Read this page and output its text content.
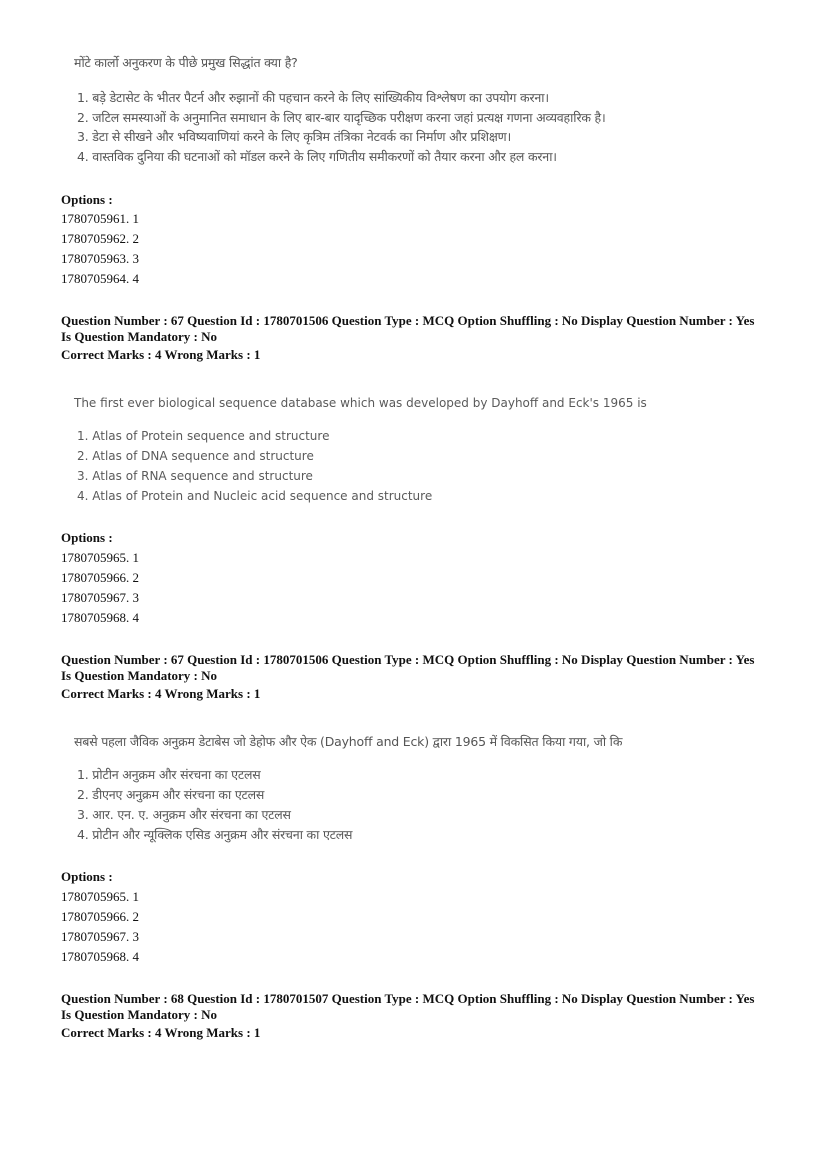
मोंटे कार्लो अनुकरण के पीछे प्रमुख सिद्धांत क्या है?
1. बड़े डेटासेट के भीतर पैटर्न और रुझानों की पहचान करने के लिए सांख्यिकीय विश्लेषण का उपयोग करना।
2. जटिल समस्याओं के अनुमानित समाधान के लिए बार-बार यादृच्छिक परीक्षण करना जहां प्रत्यक्ष गणना अव्यवहारिक है।
3. डेटा से सीखने और भविष्यवाणियां करने के लिए कृत्रिम तंत्रिका नेटवर्क का निर्माण और प्रशिक्षण।
4. वास्तविक दुनिया की घटनाओं को मॉडल करने के लिए गणितीय समीकरणों को तैयार करना और हल करना।
Options :
1780705961. 1
1780705962. 2
1780705963. 3
1780705964. 4
Question Number : 67 Question Id : 1780701506 Question Type : MCQ Option Shuffling : No Display Question Number : Yes
Is Question Mandatory : No
Correct Marks : 4 Wrong Marks : 1
The first ever biological sequence database which was developed by Dayhoff and Eck's 1965 is
1. Atlas of Protein sequence and structure
2. Atlas of DNA sequence and structure
3. Atlas of RNA sequence and structure
4. Atlas of Protein and Nucleic acid sequence and structure
Options :
1780705965. 1
1780705966. 2
1780705967. 3
1780705968. 4
Question Number : 67 Question Id : 1780701506 Question Type : MCQ Option Shuffling : No Display Question Number : Yes
Is Question Mandatory : No
Correct Marks : 4 Wrong Marks : 1
सबसे पहला जैविक अनुक्रम डेटाबेस जो डेहोफ और ऐक (Dayhoff and Eck) द्वारा 1965 में विकसित किया गया, जो कि
1. प्रोटीन अनुक्रम और संरचना का एटलस
2. डीएनए अनुक्रम और संरचना का एटलस
3. आर. एन. ए. अनुक्रम और संरचना का एटलस
4. प्रोटीन और न्यूक्लिक एसिड अनुक्रम और संरचना का एटलस
Options :
1780705965. 1
1780705966. 2
1780705967. 3
1780705968. 4
Question Number : 68 Question Id : 1780701507 Question Type : MCQ Option Shuffling : No Display Question Number : Yes
Is Question Mandatory : No
Correct Marks : 4 Wrong Marks : 1
